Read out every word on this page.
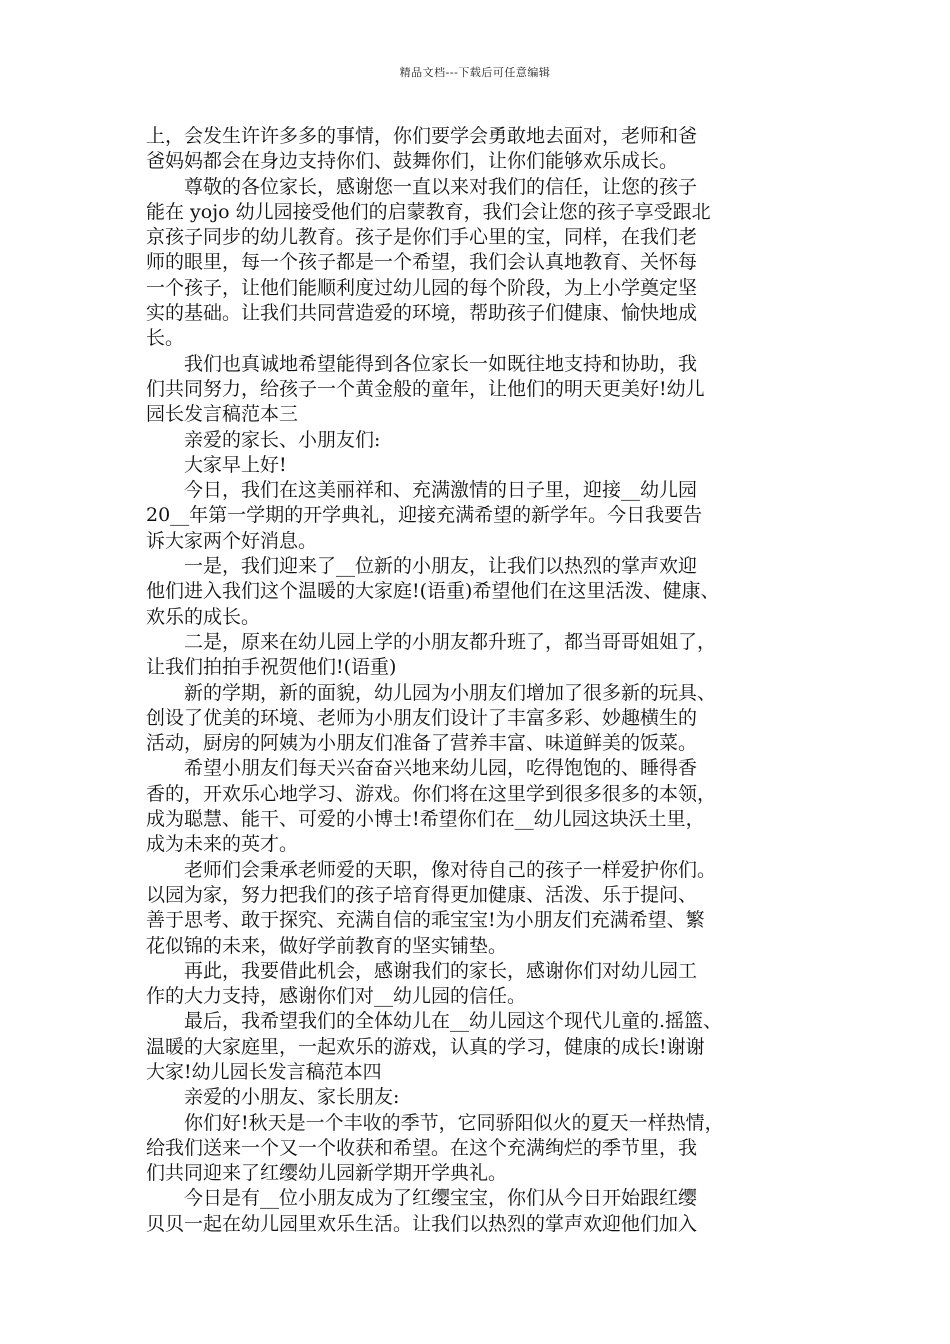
精品文档---下载后可任意编辑

上，会发生许许多多的事情，你们要学会勇敢地去面对，老师和爸

爸妈妈都会在身边支持你们、鼓舞你们，让你们能够欢乐成长。

　　尊敬的各位家长，感谢您一直以来对我们的信任，让您的孩子

能在 yojo 幼儿园接受他们的启蒙教育，我们会让您的孩子享受跟北

京孩子同步的幼儿教育。孩子是你们手心里的宝，同样，在我们老

师的眼里，每一个孩子都是一个希望，我们会认真地教育、关怀每

一个孩子，让他们能顺利度过幼儿园的每个阶段，为上小学奠定坚

实的基础。让我们共同营造爱的环境，帮助孩子们健康、愉快地成

长。

　　我们也真诚地希望能得到各位家长一如既往地支持和协助，我

们共同努力，给孩子一个黄金般的童年，让他们的明天更美好!幼儿

园长发言稿范本三

　　亲爱的家长、小朋友们:

　　大家早上好!

　　今日，我们在这美丽祥和、充满激情的日子里，迎接__幼儿园

20__年第一学期的开学典礼，迎接充满希望的新学年。今日我要告

诉大家两个好消息。

　　一是，我们迎来了__位新的小朋友，让我们以热烈的掌声欢迎

他们进入我们这个温暖的大家庭!(语重)希望他们在这里活泼、健康、

欢乐的成长。

　　二是，原来在幼儿园上学的小朋友都升班了，都当哥哥姐姐了，

让我们拍拍手祝贺他们!(语重)

　　新的学期，新的面貌，幼儿园为小朋友们增加了很多新的玩具、

创设了优美的环境、老师为小朋友们设计了丰富多彩、妙趣横生的

活动，厨房的阿姨为小朋友们准备了营养丰富、味道鲜美的饭菜。

　　希望小朋友们每天兴奋奋兴地来幼儿园，吃得饱饱的、睡得香

香的，开欢乐心地学习、游戏。你们将在这里学到很多很多的本领，

成为聪慧、能干、可爱的小博士!希望你们在__幼儿园这块沃土里，

成为未来的英才。

　　老师们会秉承老师爱的天职，像对待自己的孩子一样爱护你们。

以园为家，努力把我们的孩子培育得更加健康、活泼、乐于提问、

善于思考、敢于探究、充满自信的乖宝宝!为小朋友们充满希望、繁

花似锦的未来，做好学前教育的坚实铺垫。

　　再此，我要借此机会，感谢我们的家长，感谢你们对幼儿园工

作的大力支持，感谢你们对__幼儿园的信任。

　　最后，我希望我们的全体幼儿在__幼儿园这个现代儿童的.摇篮、

温暖的大家庭里，一起欢乐的游戏，认真的学习，健康的成长!谢谢

大家!幼儿园长发言稿范本四

　　亲爱的小朋友、家长朋友:

　　你们好!秋天是一个丰收的季节，它同骄阳似火的夏天一样热情，

给我们送来一个又一个收获和希望。在这个充满绚烂的季节里，我

们共同迎来了红缨幼儿园新学期开学典礼。

　　今日是有__位小朋友成为了红缨宝宝，你们从今日开始跟红缨

贝贝一起在幼儿园里欢乐生活。让我们以热烈的掌声欢迎他们加入
